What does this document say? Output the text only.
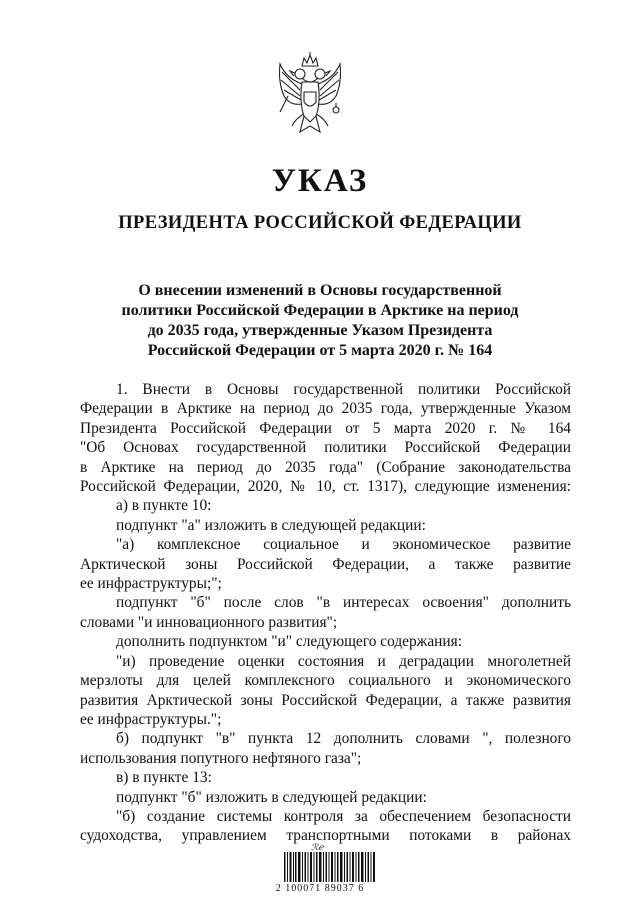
УКАЗ
ПРЕЗИДЕНТА РОССИЙСКОЙ ФЕДЕРАЦИИ
О внесении изменений в Основы государственной
политики Российской Федерации в Арктике на период
до 2035 года, утвержденные Указом Президента
Российской Федерации от 5 марта 2020 г. № 164
1. Внести в Основы государственной политики Российской
Федерации в Арктике на период до 2035 года, утвержденные Указом
Президента Российской Федерации от 5 марта 2020 г. № 164
"Об Основах государственной политики Российской Федерации
в Арктике на период до 2035 года" (Собрание законодательства
Российской Федерации, 2020, № 10, ст. 1317), следующие изменения:
а) в пункте 10:
подпункт "а" изложить в следующей редакции:
"а) комплексное социальное и экономическое развитие
Арктической зоны Российской Федерации, а также развитие
ее инфраструктуры;";
подпункт "б" после слов "в интересах освоения" дополнить
словами "и инновационного развития";
дополнить подпунктом "и" следующего содержания:
"и) проведение оценки состояния и деградации многолетней
мерзлоты для целей комплексного социального и экономического
развития Арктической зоны Российской Федерации, а также развития
ее инфраструктуры.";
б) подпункт "в" пункта 12 дополнить словами ", полезного
использования попутного нефтяного газа";
в) в пункте 13:
подпункт "б" изложить в следующей редакции:
"б) создание системы контроля за обеспечением безопасности
судоходства, управлением транспортными потоками в районах
ℛℯ
2 100071 89037 6
